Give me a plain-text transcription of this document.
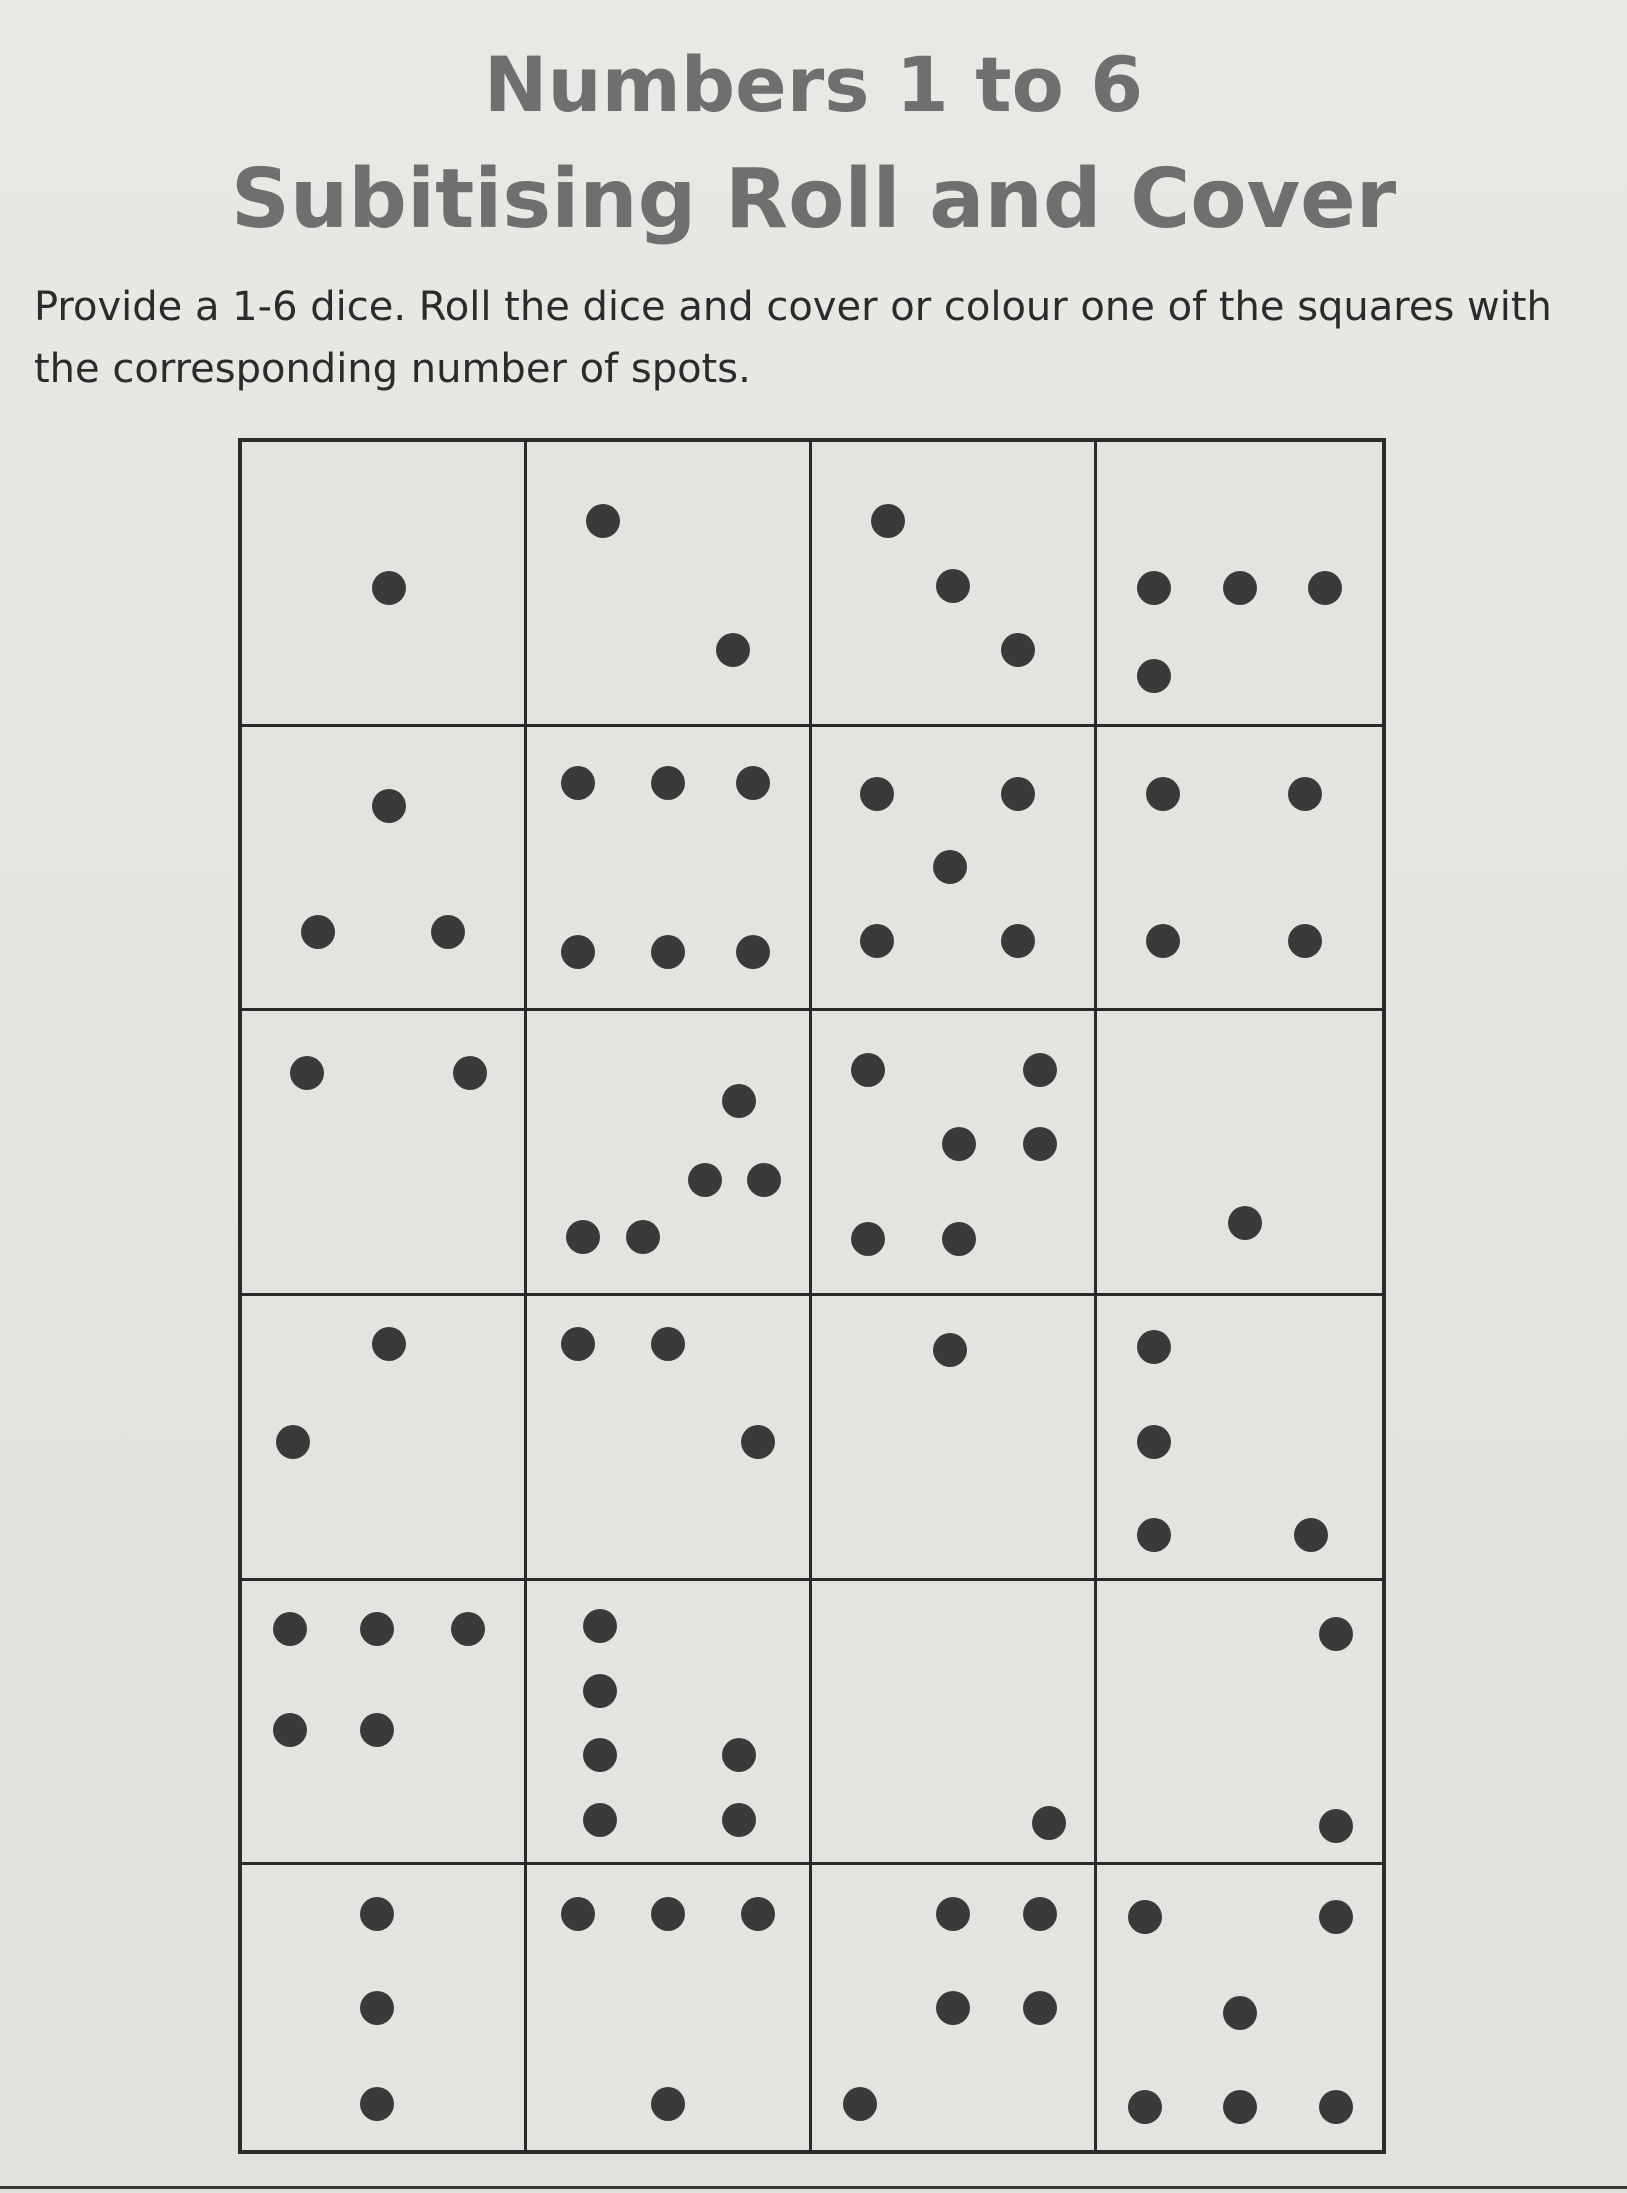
Numbers 1 to 6
Subitising Roll and Cover

Provide a 1-6 dice. Roll the dice and cover or colour one of the squares with the corresponding number of spots.
